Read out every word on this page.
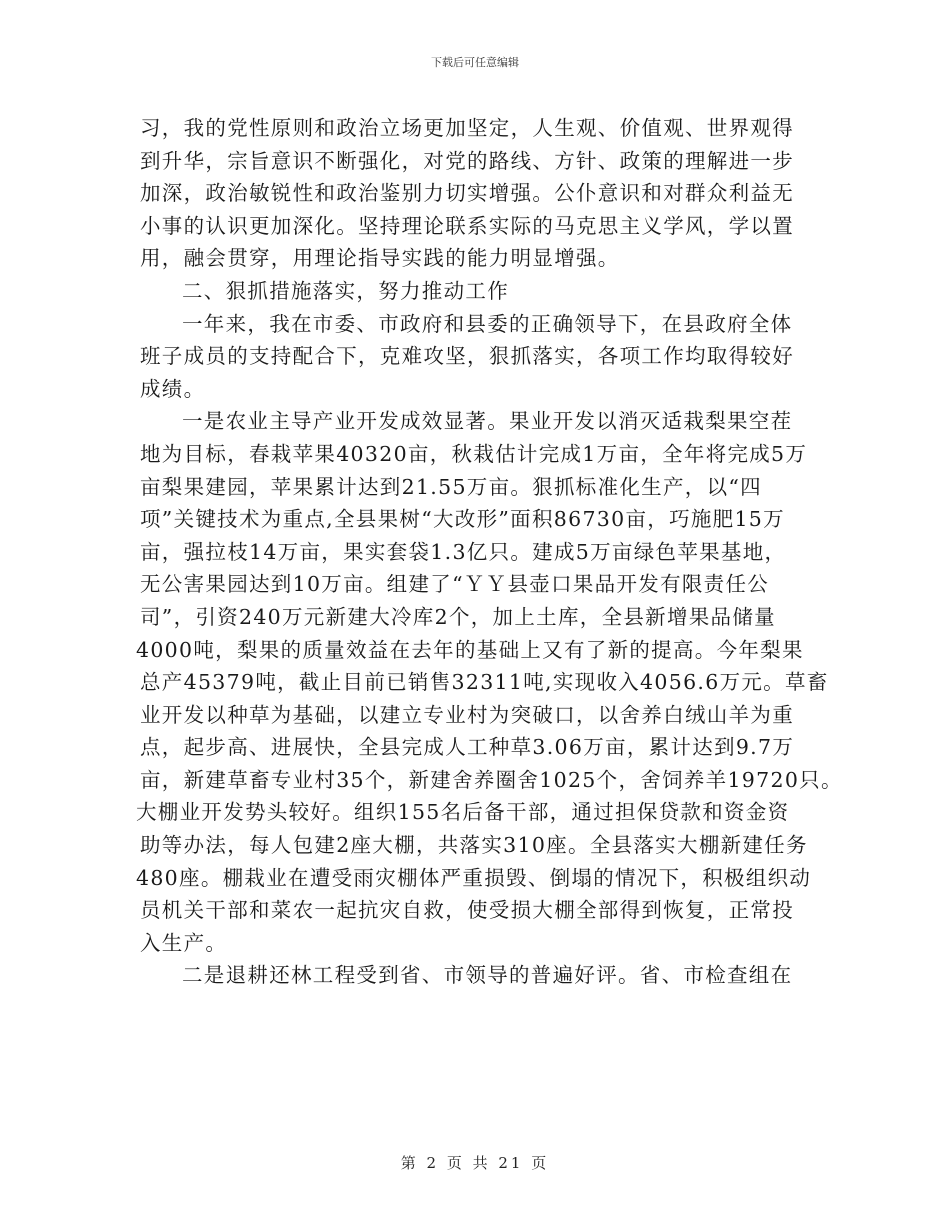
下载后可任意编辑
习，我的党性原则和政治立场更加坚定，人生观、价值观、世界观得
到升华，宗旨意识不断强化，对党的路线、方针、政策的理解进一步
加深，政治敏锐性和政治鉴别力切实增强。公仆意识和对群众利益无
小事的认识更加深化。坚持理论联系实际的马克思主义学风，学以置
用，融会贯穿，用理论指导实践的能力明显增强。
二、狠抓措施落实，努力推动工作
一年来，我在市委、市政府和县委的正确领导下，在县政府全体
班子成员的支持配合下，克难攻坚，狠抓落实，各项工作均取得较好
成绩。
一是农业主导产业开发成效显著。果业开发以消灭适栽梨果空茬
地为目标，春栽苹果40320亩，秋栽估计完成1万亩，全年将完成5万
亩梨果建园，苹果累计达到21.55万亩。狠抓标准化生产，以“四
项”关键技术为重点,全县果树“大改形”面积86730亩，巧施肥15万
亩，强拉枝14万亩，果实套袋1.3亿只。建成5万亩绿色苹果基地，
无公害果园达到10万亩。组建了“ＹＹ县壶口果品开发有限责任公
司”，引资240万元新建大冷库2个，加上土库，全县新增果品储量
4000吨，梨果的质量效益在去年的基础上又有了新的提高。今年梨果
总产45379吨，截止目前已销售32311吨,实现收入4056.6万元。草畜
业开发以种草为基础，以建立专业村为突破口，以舍养白绒山羊为重
点，起步高、进展快，全县完成人工种草3.06万亩，累计达到9.7万
亩，新建草畜专业村35个，新建舍养圈舍1025个，舍饲养羊19720只。
大棚业开发势头较好。组织155名后备干部，通过担保贷款和资金资
助等办法，每人包建2座大棚，共落实310座。全县落实大棚新建任务
480座。棚栽业在遭受雨灾棚体严重损毁、倒塌的情况下，积极组织动
员机关干部和菜农一起抗灾自救，使受损大棚全部得到恢复，正常投
入生产。
二是退耕还林工程受到省、市领导的普遍好评。省、市检查组在
第 2 页 共 21 页
